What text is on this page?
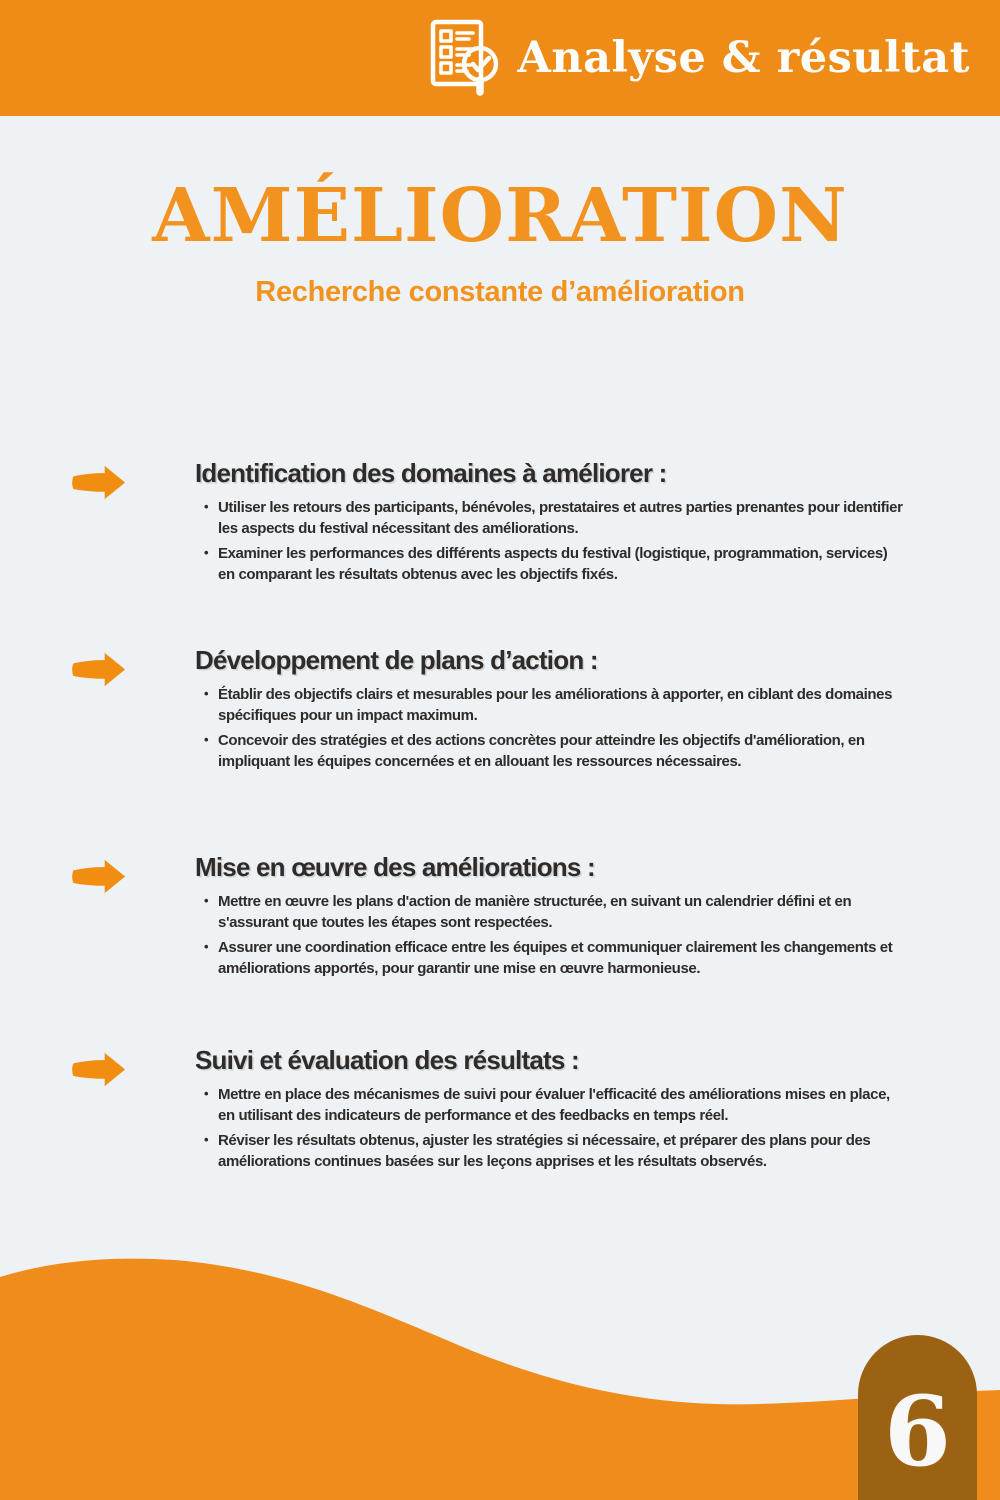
Analyse & résultat
AMÉLIORATION
Recherche constante d’amélioration
Identification des domaines à améliorer :
• Utiliser les retours des participants, bénévoles, prestataires et autres parties prenantes pour identifier les aspects du festival nécessitant des améliorations.
• Examiner les performances des différents aspects du festival (logistique, programmation, services) en comparant les résultats obtenus avec les objectifs fixés.
Développement de plans d’action :
• Établir des objectifs clairs et mesurables pour les améliorations à apporter, en ciblant des domaines spécifiques pour un impact maximum.
• Concevoir des stratégies et des actions concrètes pour atteindre les objectifs d'amélioration, en impliquant les équipes concernées et en allouant les ressources nécessaires.
Mise en œuvre des améliorations :
• Mettre en œuvre les plans d'action de manière structurée, en suivant un calendrier défini et en s'assurant que toutes les étapes sont respectées.
• Assurer une coordination efficace entre les équipes et communiquer clairement les changements et améliorations apportés, pour garantir une mise en œuvre harmonieuse.
Suivi et évaluation des résultats :
• Mettre en place des mécanismes de suivi pour évaluer l'efficacité des améliorations mises en place, en utilisant des indicateurs de performance et des feedbacks en temps réel.
• Réviser les résultats obtenus, ajuster les stratégies si nécessaire, et préparer des plans pour des améliorations continues basées sur les leçons apprises et les résultats observés.
6
